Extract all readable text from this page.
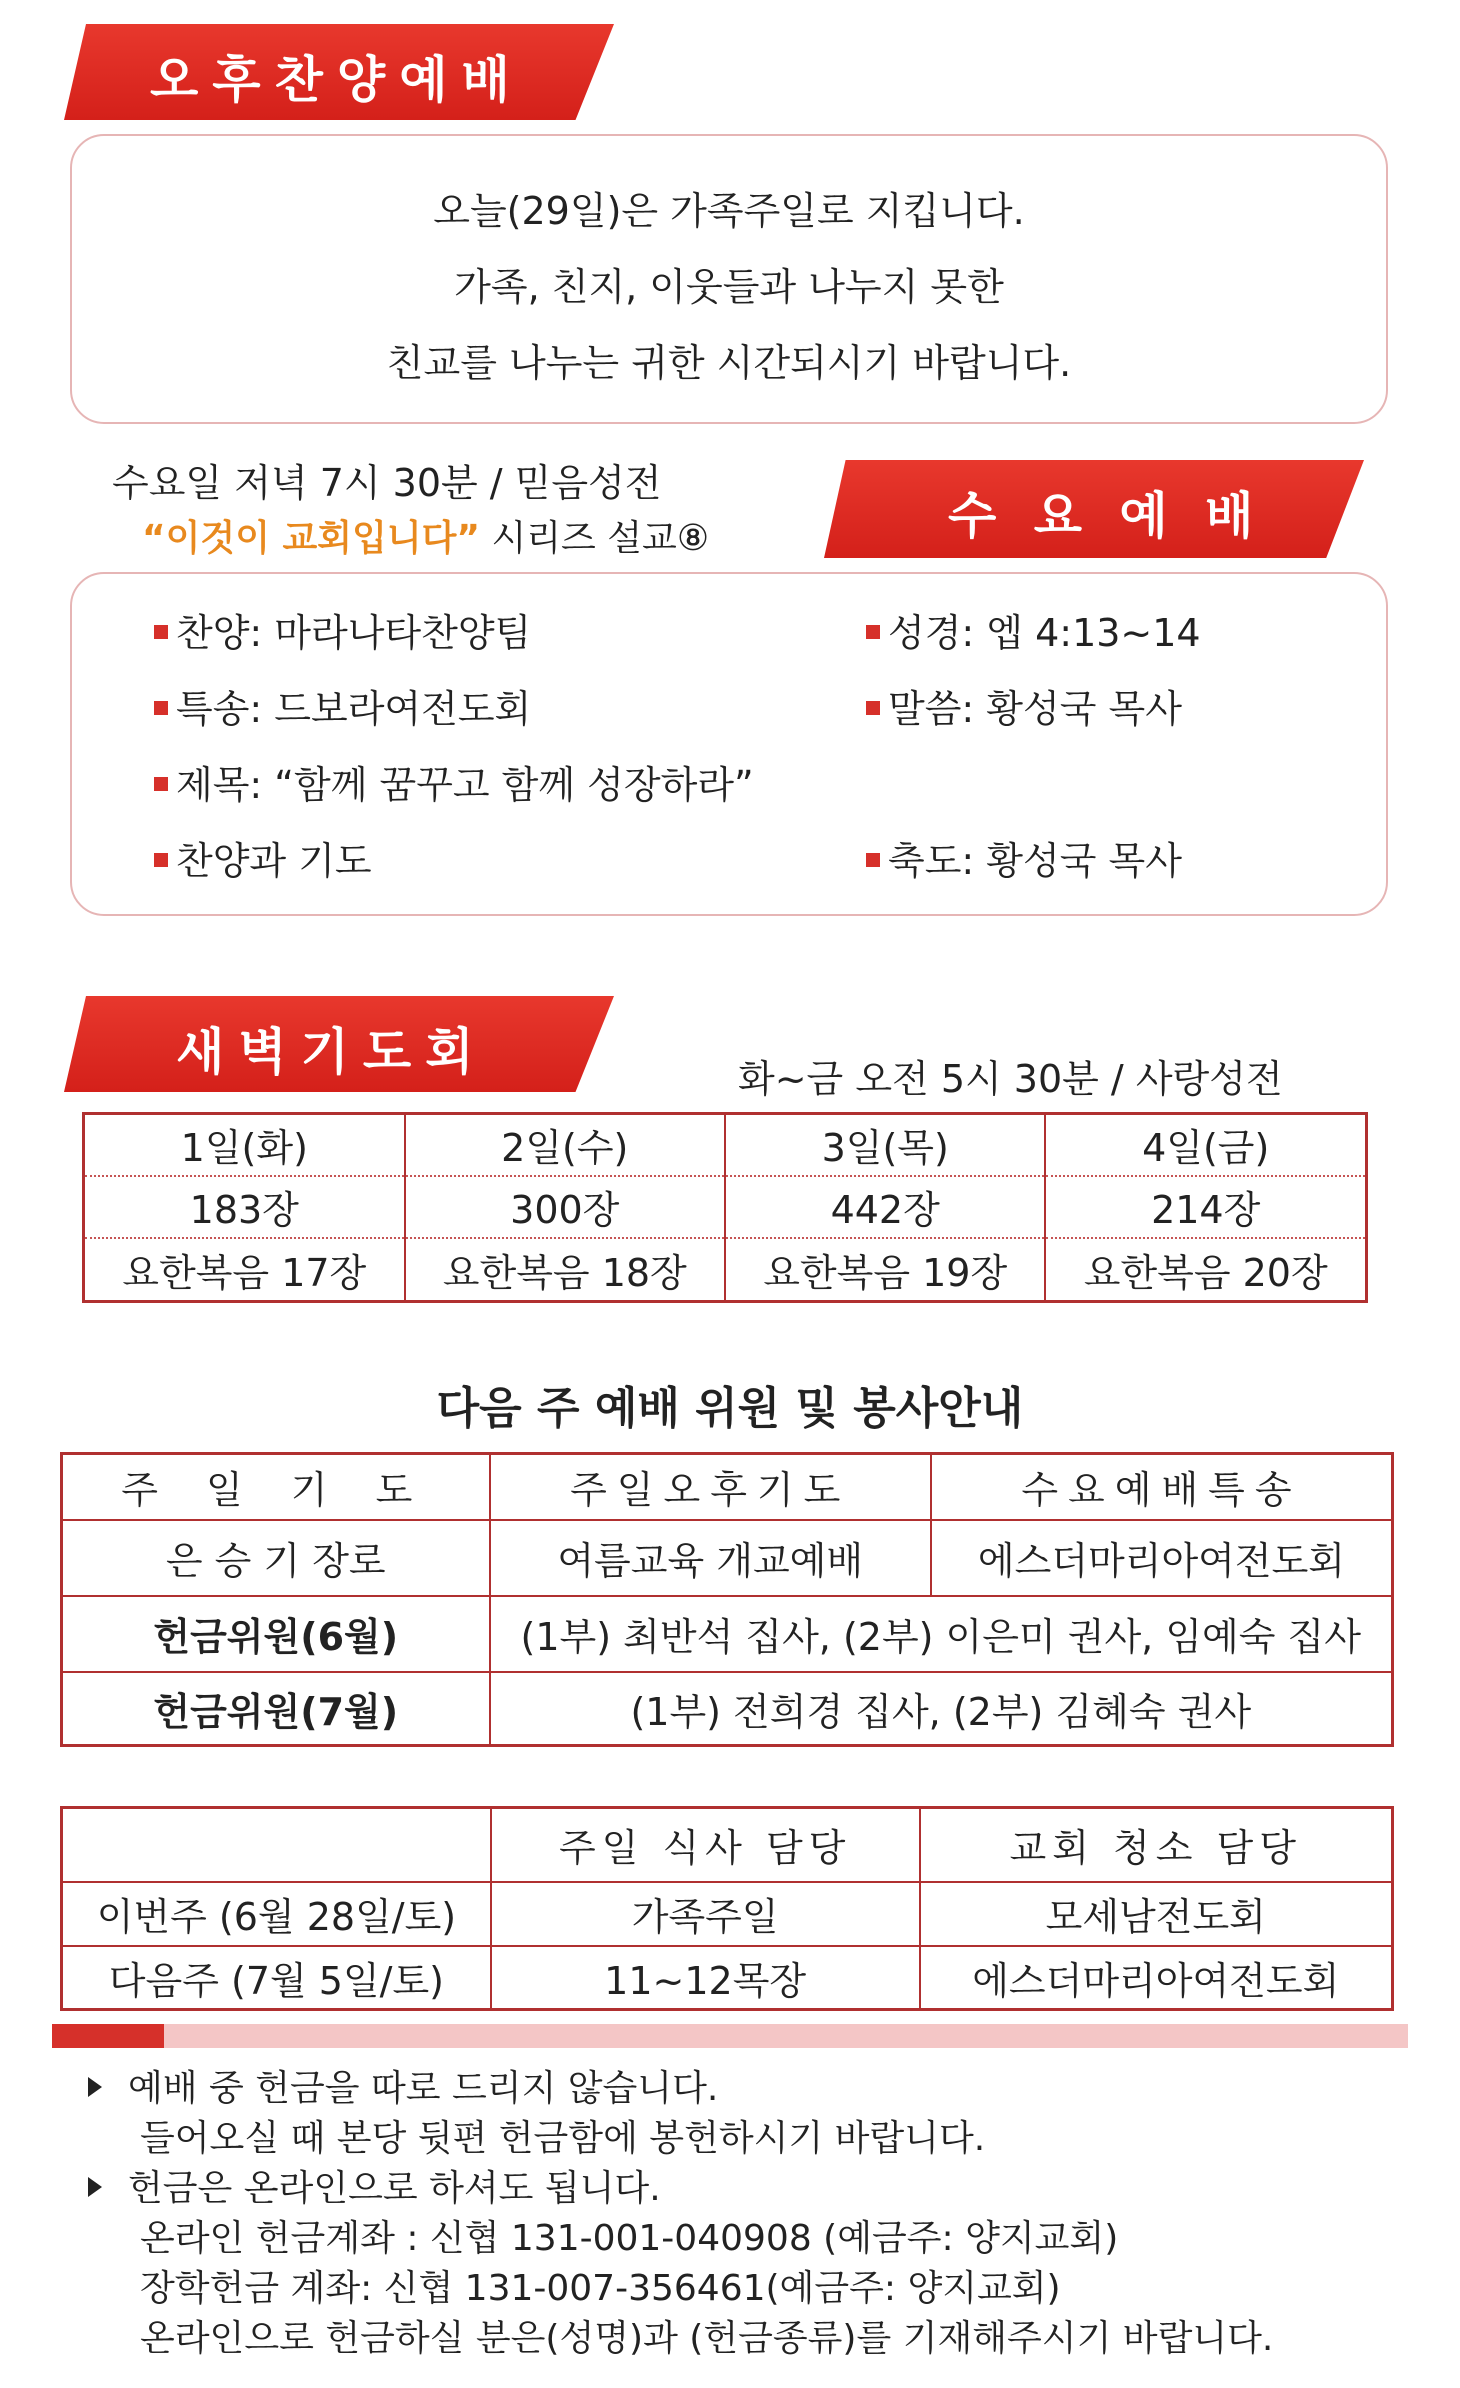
오후찬양예배
오늘(29일)은 가족주일로 지킵니다.
가족, 친지, 이웃들과 나누지 못한
친교를 나누는 귀한 시간되시기 바랍니다.
수요일 저녁 7시 30분 / 믿음성전
“이것이 교회입니다” 시리즈 설교⑧	수 요 예 배
찬양: 마라나타찬양팀
특송: 드보라여전도회
제목: “함께 꿈꾸고 함께 성장하라”
찬양과 기도
성경: 엡 4:13~14
말씀: 황성국 목사
축도: 황성국 목사
새벽기도회	화~금 오전 5시 30분 / 사랑성전
1일(화)	2일(수)	3일(목)	4일(금)
183장	300장	442장	214장
요한복음 17장	요한복음 18장	요한복음 19장	요한복음 20장
다음 주 예배 위원 및 봉사안내
주 일 기 도	주일오후기도	수요예배특송
은 승 기 장로	여름교육 개교예배	에스더마리아여전도회
헌금위원(6월)	(1부) 최반석 집사, (2부) 이은미 권사, 임예숙 집사	
헌금위원(7월)	(1부) 전희경 집사, (2부) 김혜숙 권사	
	주일 식사 담당	교회 청소 담당
이번주 (6월 28일/토)	가족주일	모세남전도회
다음주 (7월 5일/토)	11~12목장	에스더마리아여전도회
예배 중 헌금을 따로 드리지 않습니다.
들어오실 때 본당 뒷편 헌금함에 봉헌하시기 바랍니다.
헌금은 온라인으로 하셔도 됩니다.
온라인 헌금계좌 : 신협 131-001-040908 (예금주: 양지교회)
장학헌금 계좌: 신협 131-007-356461(예금주: 양지교회)
온라인으로 헌금하실 분은(성명)과 (헌금종류)를 기재해주시기 바랍니다.
